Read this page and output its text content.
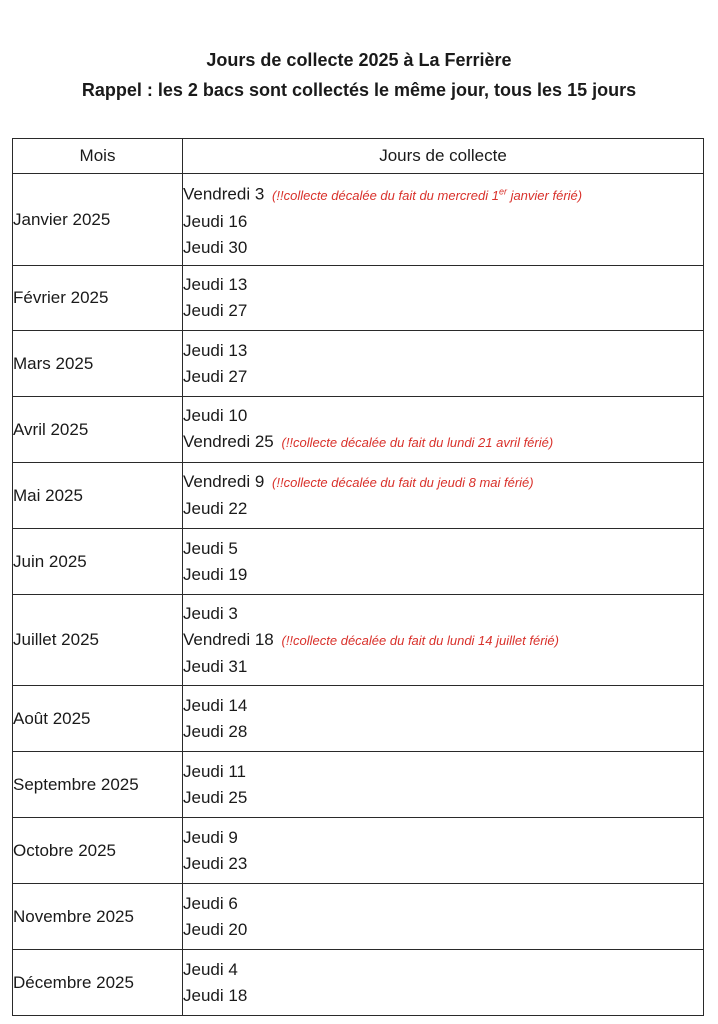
Jours de collecte 2025 à La Ferrière
Rappel : les 2 bacs sont collectés le même jour, tous les 15 jours
Mois	Jours de collecte
Janvier 2025	Vendredi 3 (!!collecte décalée du fait du mercredi 1er janvier férié)
Jeudi 16
Jeudi 30

Février 2025	Jeudi 13
Jeudi 27

Mars 2025	Jeudi 13
Jeudi 27

Avril 2025	Jeudi 10
Vendredi 25 (!!collecte décalée du fait du lundi 21 avril férié)

Mai 2025	Vendredi 9 (!!collecte décalée du fait du jeudi 8 mai férié)
Jeudi 22

Juin 2025	Jeudi 5
Jeudi 19

Juillet 2025	Jeudi 3
Vendredi 18 (!!collecte décalée du fait du lundi 14 juillet férié)
Jeudi 31

Août 2025	Jeudi 14
Jeudi 28

Septembre 2025	Jeudi 11
Jeudi 25

Octobre 2025	Jeudi 9
Jeudi 23

Novembre 2025	Jeudi 6
Jeudi 20

Décembre 2025	Jeudi 4
Jeudi 18
